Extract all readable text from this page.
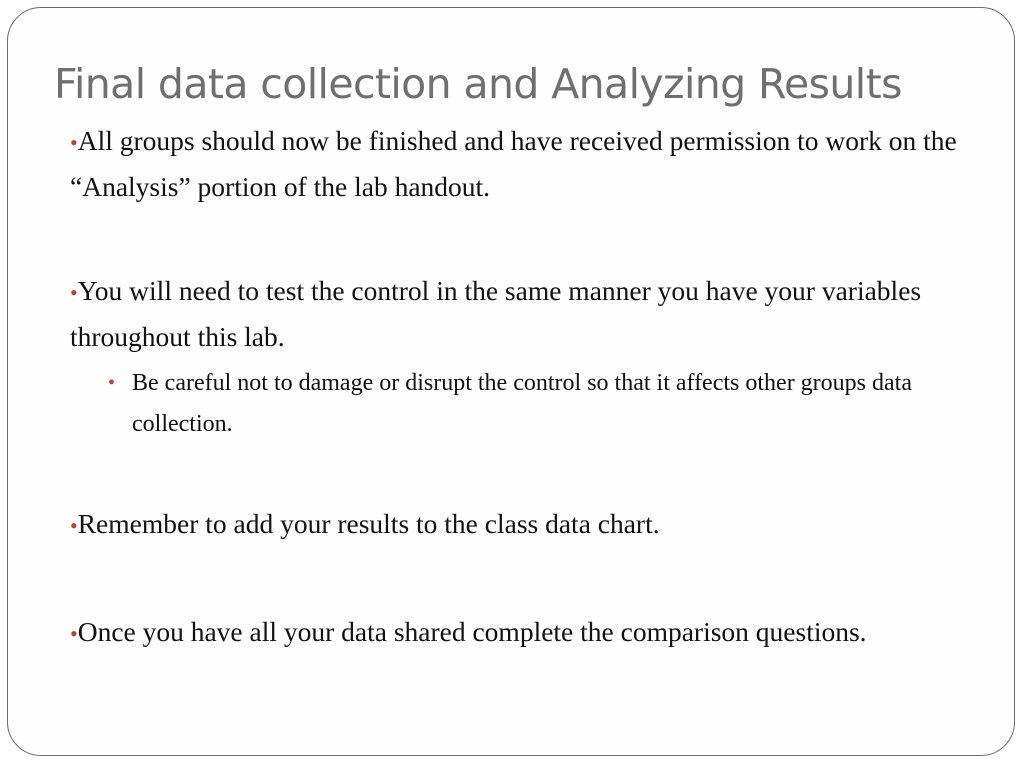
Final data collection and Analyzing Results
•All groups should now be finished and have received permission to work on the “Analysis” portion of the lab handout.
•You will need to test the control in the same manner you have your variables throughout this lab.
• Be careful not to damage or disrupt the control so that it affects other groups data collection.
•Remember to add your results to the class data chart.
•Once you have all your data shared complete the comparison questions.
